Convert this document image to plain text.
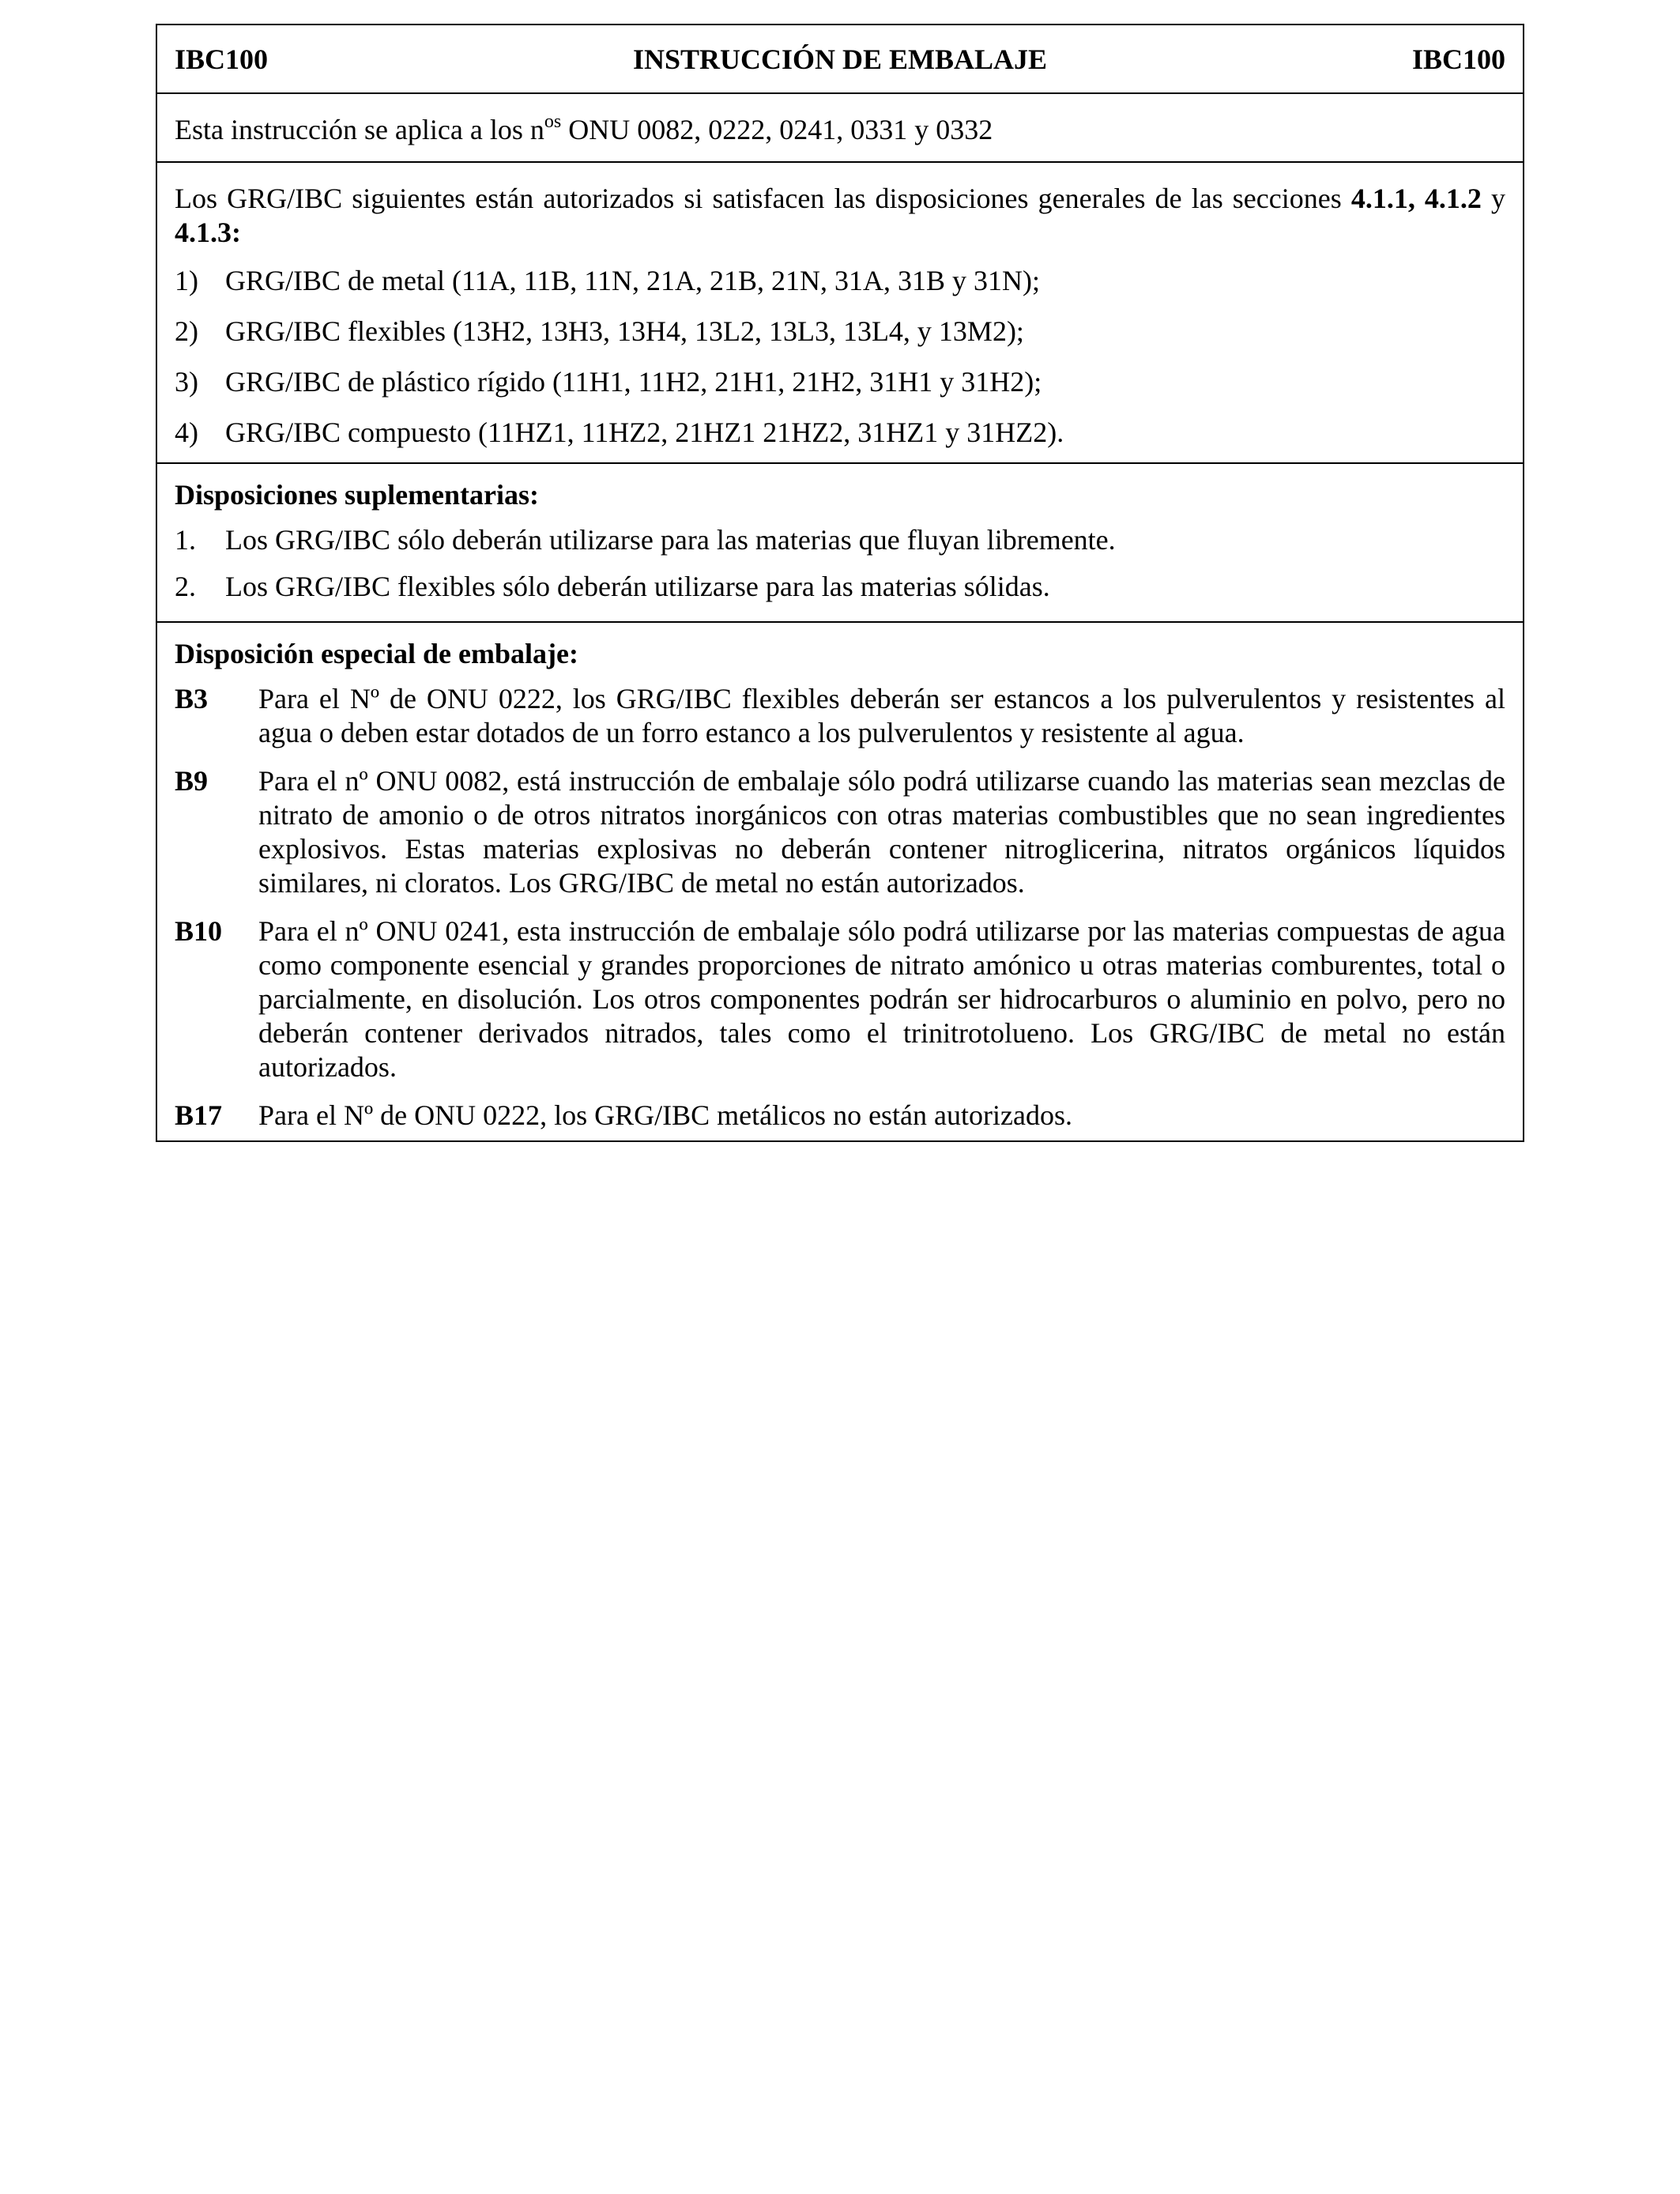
IBC100	INSTRUCCIÓN DE EMBALAJE	IBC100
Esta instrucción se aplica a los $n^{os}$ ONU 0082, 0222, 0241, 0331 y 0332

Los GRG/IBC siguientes están autorizados si satisfacen las disposiciones generales de las secciones 4.1.1, 4.1.2 y 4.1.3:

1) GRG/IBC de metal (11A, 11B, 11N, 21A, 21B, 21N, 31A, 31B y 31N);
2) GRG/IBC flexibles (13H2, 13H3, 13H4, 13L2, 13L3, 13L4, y 13M2);
3) GRG/IBC de plástico rígido (11H1, 11H2, 21H1, 21H2, 31H1 y 31H2);
4) GRG/IBC compuesto (11HZ1, 11HZ2, 21HZ1 21HZ2, 31HZ1 y 31HZ2).
Disposiciones suplementarias:
1.	Los GRG/IBC sólo deberán utilizarse para las materias que fluyan libremente.
2.	Los GRG/IBC flexibles sólo deberán utilizarse para las materias sólidas.
Disposición especial de embalaje:
B3	Para el Nº de ONU 0222, los GRG/IBC flexibles deberán ser estancos a los pulverulentos y resistentes al agua o deben estar dotados de un forro estanco a los pulverulentos y resistente al agua.
B9	Para el nº ONU 0082, está instrucción de embalaje sólo podrá utilizarse cuando las materias sean mezclas de nitrato de amonio o de otros nitratos inorgánicos con otras materias combustibles que no sean ingredientes explosivos. Estas materias explosivas no deberán contener nitroglicerina, nitratos orgánicos líquidos similares, ni cloratos. Los GRG/IBC de metal no están autorizados.
B10	Para el nº ONU 0241, esta instrucción de embalaje sólo podrá utilizarse por las materias compuestas de agua como componente esencial y grandes proporciones de nitrato amónico u otras materias comburentes, total o parcialmente, en disolución. Los otros componentes podrán ser hidrocarburos o aluminio en polvo, pero no deberán contener derivados nitrados, tales como el trinitrotolueno. Los GRG/IBC de metal no están autorizados.
B17	Para el Nº de ONU 0222, los GRG/IBC metálicos no están autorizados.
